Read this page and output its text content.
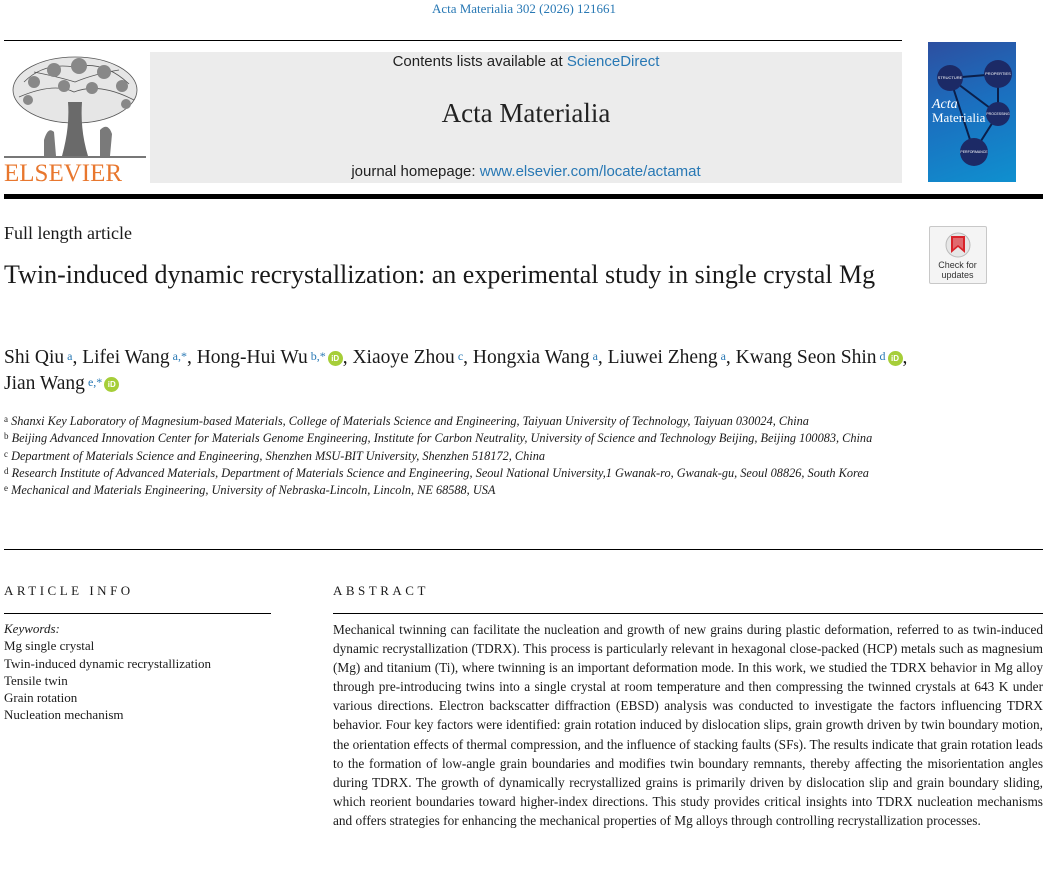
Acta Materialia 302 (2026) 121661
ELSEVIER
Contents lists available at ScienceDirect
Acta Materialia
journal homepage: www.elsevier.com/locate/actamat
STRUCTURE
PROPERTIES
PROCESSING
PERFORMANCE
Acta
Materialia
Full length article
Check for
updates
Twin-induced dynamic recrystallization: an experimental study in single crystal Mg
Shi Qiu $^a$, Lifei Wang $^{a,*}$, Hong-Hui Wu $^{b,*}$ iD , Xiaoye Zhou $^c$, Hongxia Wang $^a$, Liuwei Zheng $^a$, Kwang Seon Shin $^d$ iD , Jian Wang $^{e,*}$ iD
$^a$ Shanxi Key Laboratory of Magnesium-based Materials, College of Materials Science and Engineering, Taiyuan University of Technology, Taiyuan 030024, China
$^b$ Beijing Advanced Innovation Center for Materials Genome Engineering, Institute for Carbon Neutrality, University of Science and Technology Beijing, Beijing 100083, China
$^c$ Department of Materials Science and Engineering, Shenzhen MSU-BIT University, Shenzhen 518172, China
$^d$ Research Institute of Advanced Materials, Department of Materials Science and Engineering, Seoul National University,1 Gwanak-ro, Gwanak-gu, Seoul 08826, South Korea
$^e$ Mechanical and Materials Engineering, University of Nebraska-Lincoln, Lincoln, NE 68588, USA
ARTICLE INFO	ABSTRACT
Keywords:
Mg single crystal
Twin-induced dynamic recrystallization
Tensile twin
Grain rotation
Nucleation mechanism
Mechanical twinning can facilitate the nucleation and growth of new grains during plastic deformation, referred to as twin-induced dynamic recrystallization (TDRX). This process is particularly relevant in hexagonal close-packed (HCP) metals such as magnesium (Mg) and titanium (Ti), where twinning is an important deformation mode. In this work, we studied the TDRX behavior in Mg alloy through pre-introducing twins into a single crystal at room temperature and then compressing the twinned crystals at 643 K under various directions. Electron backscatter diffraction (EBSD) analysis was conducted to investigate the factors influencing TDRX behavior. Four key factors were identified: grain rotation induced by dislocation slips, grain growth driven by twin boundary motion, the orientation effects of thermal compression, and the influence of stacking faults (SFs). The results indicate that grain rotation leads to the formation of low-angle grain boundaries and modifies twin boundary remnants, thereby affecting the misorientation angles during TDRX. The growth of dynamically recrystallized grains is primarily driven by dislocation slip and grain boundary sliding, which reorient boundaries toward higher-index directions. This study provides critical insights into TDRX nucleation mechanisms and offers strategies for enhancing the mechanical properties of Mg alloys through controlling recrystallization processes.
